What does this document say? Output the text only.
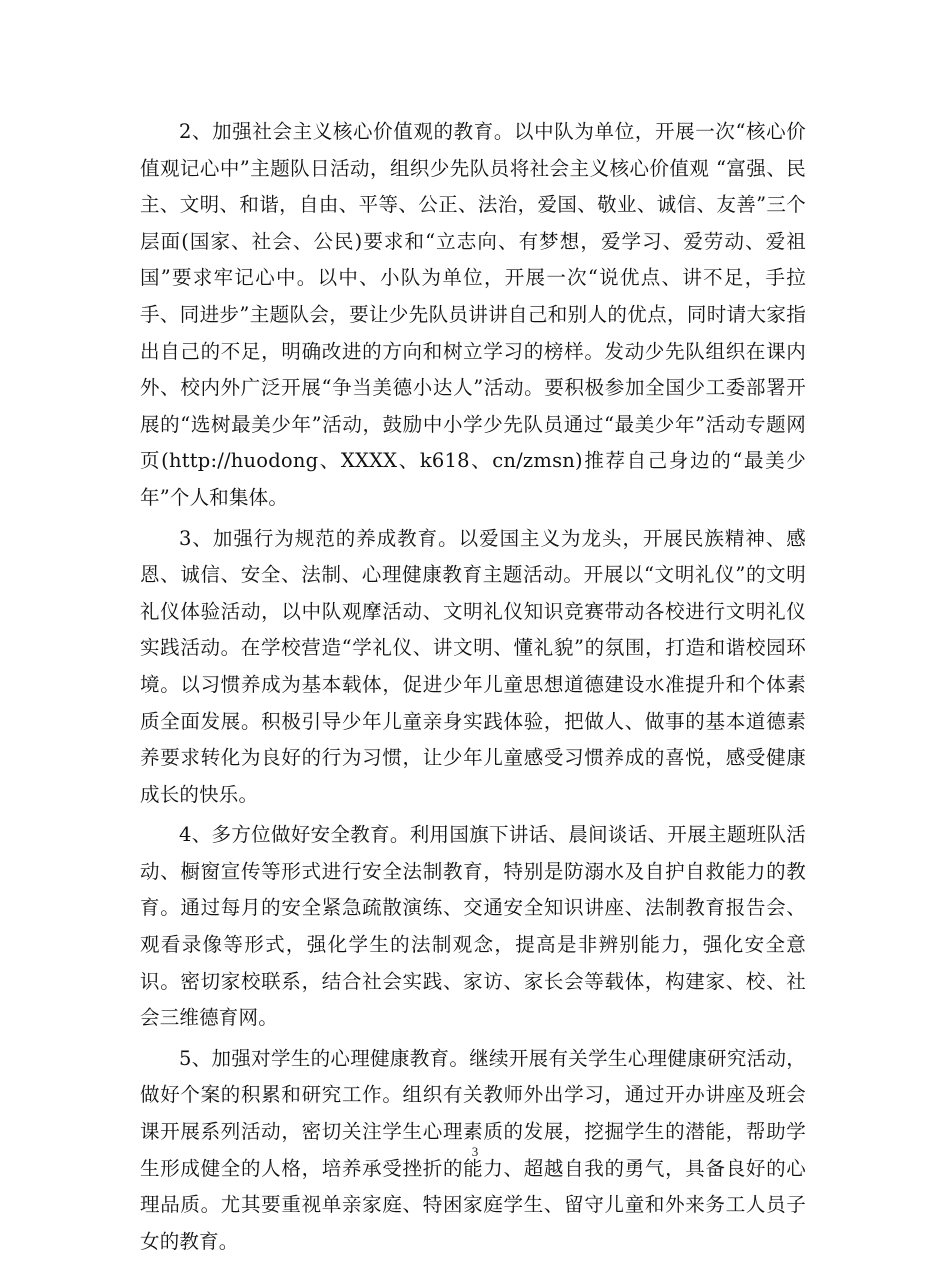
2、加强社会主义核心价值观的教育。以中队为单位，开展一次“核心价值观记心中”主题队日活动，组织少先队员将社会主义核心价值观 “富强、民主、文明、和谐，自由、平等、公正、法治，爱国、敬业、诚信、友善”三个层面(国家、社会、公民)要求和“立志向、有梦想，爱学习、爱劳动、爱祖国”要求牢记心中。以中、小队为单位，开展一次“说优点、讲不足，手拉手、同进步”主题队会，要让少先队员讲讲自己和别人的优点，同时请大家指出自己的不足，明确改进的方向和树立学习的榜样。发动少先队组织在课内外、校内外广泛开展“争当美德小达人”活动。要积极参加全国少工委部署开展的“选树最美少年”活动，鼓励中小学少先队员通过“最美少年”活动专题网页(http://huodong、XXXX、k618、cn/zmsn)推荐自己身边的“最美少年”个人和集体。

3、加强行为规范的养成教育。以爱国主义为龙头，开展民族精神、感恩、诚信、安全、法制、心理健康教育主题活动。开展以“文明礼仪”的文明礼仪体验活动，以中队观摩活动、文明礼仪知识竞赛带动各校进行文明礼仪实践活动。在学校营造“学礼仪、讲文明、懂礼貌”的氛围，打造和谐校园环境。以习惯养成为基本载体，促进少年儿童思想道德建设水准提升和个体素质全面发展。积极引导少年儿童亲身实践体验，把做人、做事的基本道德素养要求转化为良好的行为习惯，让少年儿童感受习惯养成的喜悦，感受健康成长的快乐。

4、多方位做好安全教育。利用国旗下讲话、晨间谈话、开展主题班队活动、橱窗宣传等形式进行安全法制教育，特别是防溺水及自护自救能力的教育。通过每月的安全紧急疏散演练、交通安全知识讲座、法制教育报告会、观看录像等形式，强化学生的法制观念，提高是非辨别能力，强化安全意识。密切家校联系，结合社会实践、家访、家长会等载体，构建家、校、社会三维德育网。

5、加强对学生的心理健康教育。继续开展有关学生心理健康研究活动，做好个案的积累和研究工作。组织有关教师外出学习，通过开办讲座及班会课开展系列活动，密切关注学生心理素质的发展，挖掘学生的潜能，帮助学生形成健全的人格，培养承受挫折的能力、超越自我的勇气，具备良好的心理品质。尤其要重视单亲家庭、特困家庭学生、留守儿童和外来务工人员子女的教育。

3
